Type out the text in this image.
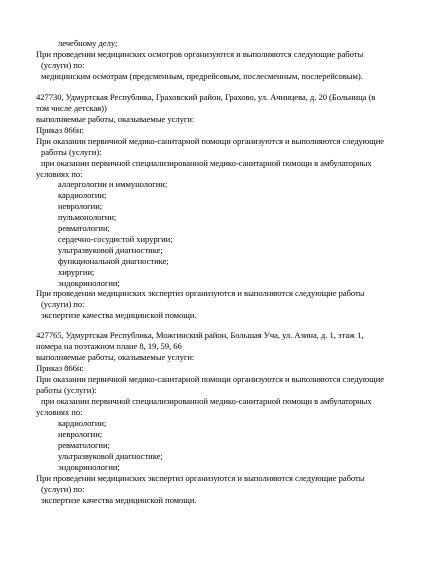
лечебному делу;
При проведении медицинских осмотров организуются и выполняются следующие работы
(услуги) по:
медицинским осмотрам (предсменным, предрейсовым, послесменным, послерейсовым).
427730, Удмуртская Республика, Граховский район, Грахово, ул. Ачинцева, д. 20 (Больница (в
том числе детская))
выполняемые работы, оказываемые услуги:
Приказ 866н:
При оказании первичной медико-санитарной помощи организуются и выполняются следующие
работы (услуги):
при оказании первичной специализированной медико-санитарной помощи в амбулаторных
условиях по:
аллергологии и иммунологии;
кардиологии;
неврологии;
пульмонологии;
ревматологии;
сердечно-сосудистой хирургии;
ультразвуковой диагностике;
функциональной диагностике;
хирургии;
эндокринологии;
При проведении медицинских экспертиз организуются и выполняются следующие работы
(услуги) по:
экспертизе качества медицинской помощи.
427765, Удмуртская Республика, Можгинский район, Большая Уча, ул. Азина, д. 1, этаж 1,
номера на поэтажном плане 8, 19, 59, 66
выполняемые работы, оказываемые услуги:
Приказ 866н:
При оказании первичной медико-санитарной помощи организуются и выполняются следующие
работы (услуги):
при оказании первичной специализированной медико-санитарной помощи в амбулаторных
условиях по:
кардиологии;
неврологии;
ревматологии;
ультразвуковой диагностике;
эндокринологии;
При проведении медицинских экспертиз организуются и выполняются следующие работы
(услуги) по:
экспертизе качества медицинской помощи.
